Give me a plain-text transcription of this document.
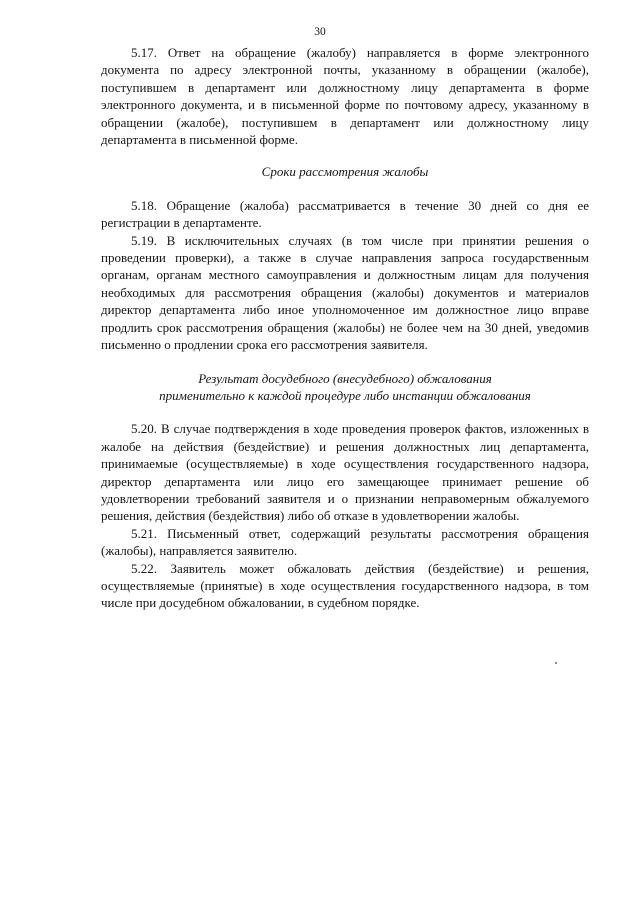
30

5.17. Ответ на обращение (жалобу) направляется в форме электронного документа по адресу электронной почты, указанному в обращении (жалобе), поступившем в департамент или должностному лицу департамента в форме электронного документа, и в письменной форме по почтовому адресу, указанному в обращении (жалобе), поступившем в департамент или должностному лицу департамента в письменной форме.

Сроки рассмотрения жалобы

5.18. Обращение (жалоба) рассматривается в течение 30 дней со дня ее регистрации в департаменте.

5.19. В исключительных случаях (в том числе при принятии решения о проведении проверки), а также в случае направления запроса государственным органам, органам местного самоуправления и должностным лицам для получения необходимых для рассмотрения обращения (жалобы) документов и материалов директор департамента либо иное уполномоченное им должностное лицо вправе продлить срок рассмотрения обращения (жалобы) не более чем на 30 дней, уведомив письменно о продлении срока его рассмотрения заявителя.

Результат досудебного (внесудебного) обжалования
применительно к каждой процедуре либо инстанции обжалования

5.20. В случае подтверждения в ходе проведения проверок фактов, изложенных в жалобе на действия (бездействие) и решения должностных лиц департамента, принимаемые (осуществляемые) в ходе осуществления государственного надзора, директор департамента или лицо его замещающее принимает решение об удовлетворении требований заявителя и о признании неправомерным обжалуемого решения, действия (бездействия) либо об отказе в удовлетворении жалобы.

5.21. Письменный ответ, содержащий результаты рассмотрения обращения (жалобы), направляется заявителю.

5.22. Заявитель может обжаловать действия (бездействие) и решения, осуществляемые (принятые) в ходе осуществления государственного надзора, в том числе при досудебном обжаловании, в судебном порядке.
